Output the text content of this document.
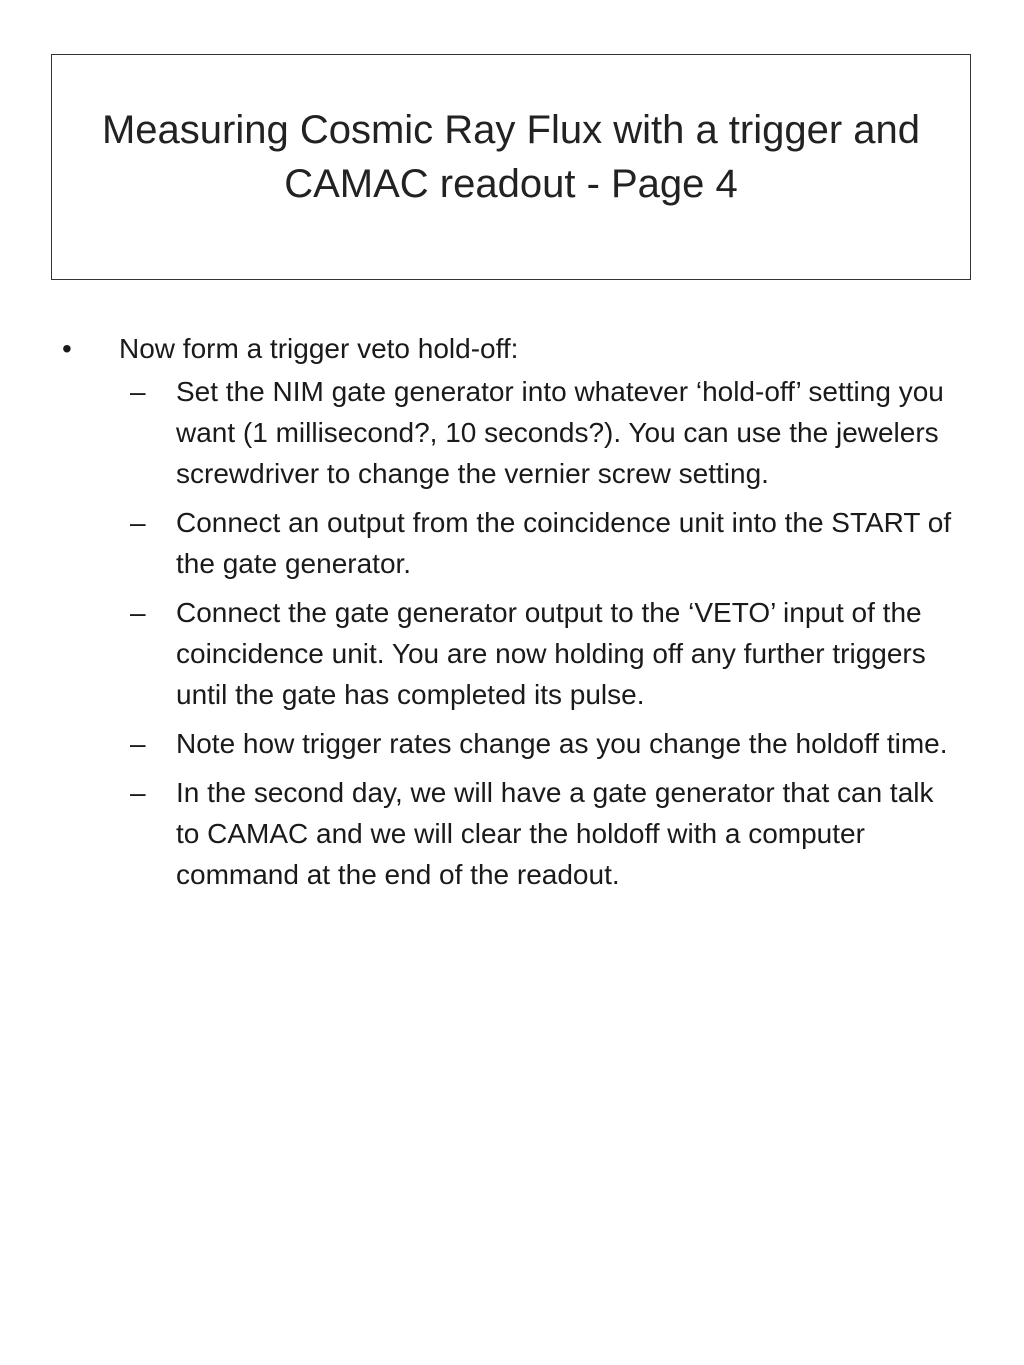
Measuring Cosmic Ray Flux with a trigger and CAMAC readout - Page 4
•	Now form a trigger veto hold-off:
–	Set the NIM gate generator into whatever ‘hold-off’ setting you want (1 millisecond?, 10 seconds?). You can use the jewelers screwdriver to change the vernier screw setting.
–	Connect an output from the coincidence unit into the START of the gate generator.
–	Connect the gate generator output to the ‘VETO’ input of the coincidence unit. You are now holding off any further triggers until the gate has completed its pulse.
–	Note how trigger rates change as you change the holdoff time.
–	In the second day, we will have a gate generator that can talk to CAMAC and we will clear the holdoff with a computer command at the end of the readout.
